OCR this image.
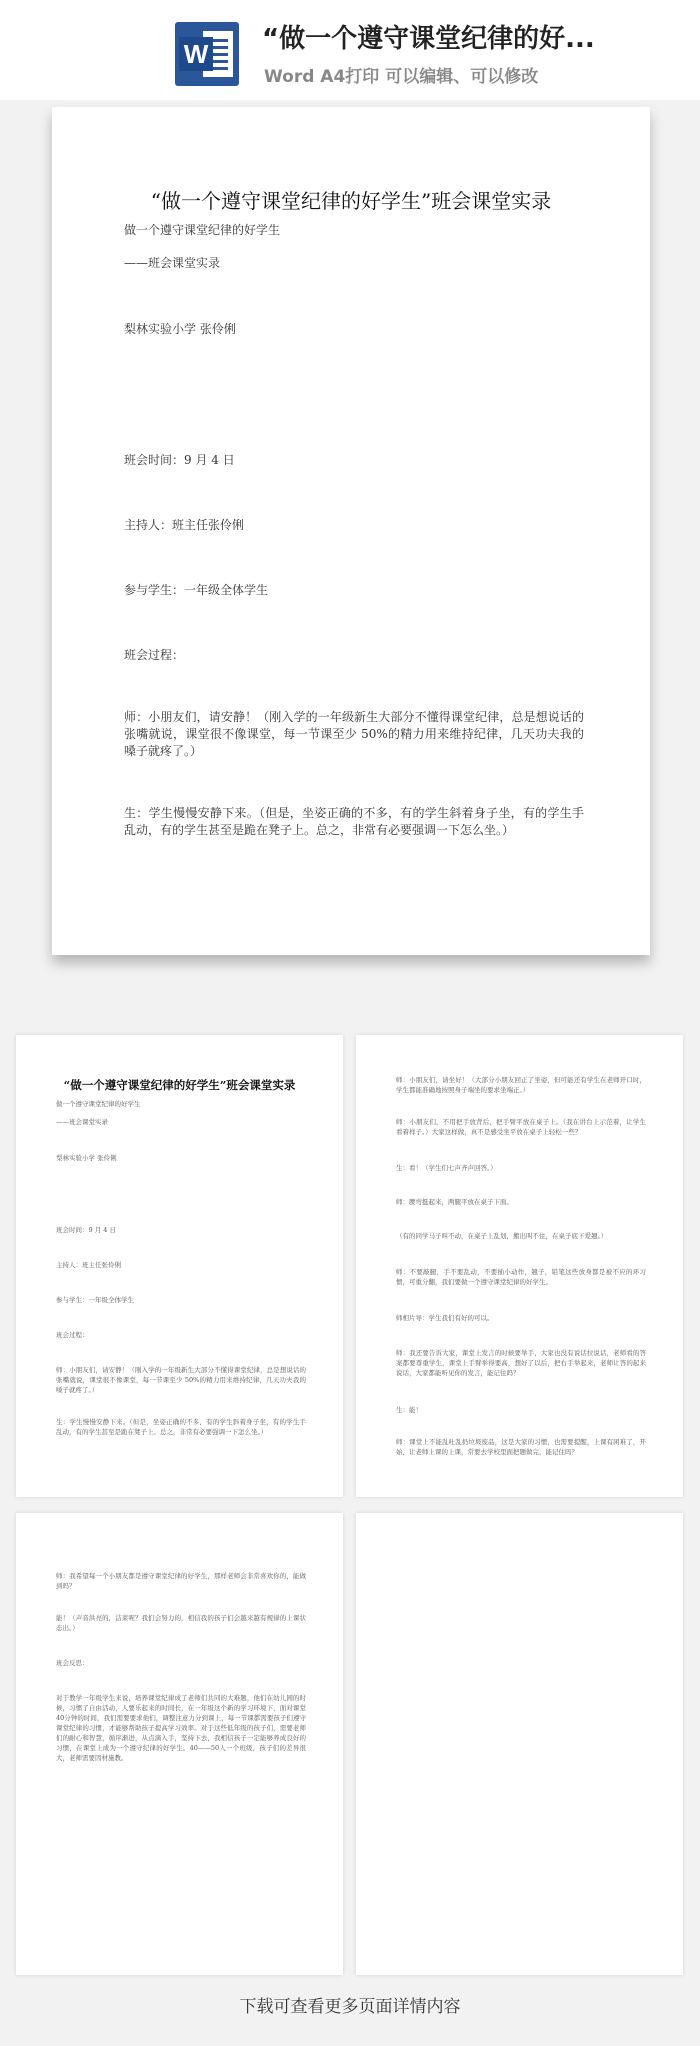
W “做一个遵守课堂纪律的好...
Word A4打印 可以编辑、可以修改
“做一个遵守课堂纪律的好学生”班会课堂实录
做一个遵守课堂纪律的好学生
——班会课堂实录
梨林实验小学 张伶俐
班会时间：9 月 4 日
主持人：班主任张伶俐
参与学生：一年级全体学生
班会过程：
师：小朋友们，请安静！（刚入学的一年级新生大部分不懂得课堂纪律，总是想说话的张嘴就说，课堂很不像课堂，每一节课至少 50%的精力用来维持纪律，几天功夫我的嗓子就疼了。）
生：学生慢慢安静下来。（但是，坐姿正确的不多，有的学生斜着身子坐，有的学生手乱动，有的学生甚至是跪在凳子上。总之，非常有必要强调一下怎么坐。）
“做一个遵守课堂纪律的好学生”班会课堂实录
做一个遵守课堂纪律的好学生
——班会课堂实录
梨林实验小学 张伶俐
班会时间：9 月 4 日
主持人：班主任张伶俐
参与学生：一年级全体学生
班会过程：
师：小朋友们，请安静！（刚入学的一年级新生大部分不懂得课堂纪律，总是想说话的张嘴就说，课堂很不像课堂，每一节课至少 50%的精力用来维持纪律，几天功夫我的嗓子就疼了。）
生：学生慢慢安静下来。（但是，坐姿正确的不多，有的学生斜着身子坐，有的学生手乱动，有的学生甚至是跪在凳子上。总之，非常有必要强调一下怎么坐。）
师：小朋友们，请坐好！（大部分小朋友回正了坐姿，但可能还有学生在老师开口时，学生都能准确地按照身子端坐的要求坐端正。）
师：小朋友们，不用把手放背后，把手臂平放在桌子上。（我在讲台上示范着，让学生看着样子。）大家这样做，真不是感受坐平放在桌子上轻松一些？
生：看！（学生们七声齐声回答。）
师：腰弯挺起来，两腿平放在桌子下面。
（有的同学马子叫不动，在桌子上乱划，搬出叫不住，在桌子底下爱翘。）
师：不要敲腿，手不要乱动，不要插小动作，翘子，铅笔这些放身都是被不应的环习惯，可重分翻，我们要做一个遵守课堂纪律的好学生。
师相片导：学生我们有好的可以。
师：我还要告诉大家，课堂上发言的时候要举手，大家也没有说话拉说话，老师看的答案都要尊重学生，课堂上手臂举得要高，想好了以后，把右手举起来，老师让答的起来说话，大家都能听见你的发言，能记住吗？
生：能！
师：课堂上不能乱吐乱扔垃圾废品，这是大家的习惯，也需要提醒，上课有困难了，开始，让老师上课的上课，常要去学校里面把题做完，能记住吗？
师：我希望每一个小朋友都是遵守课堂纪律的好学生，那样老师会非常喜欢你的，能做到吗？
能！（声音洪亮的，洁莱呢？我们会努力的，相信我的孩子们会越来越有规律的上课状态出。）
班会反思：
对于教学一年级学生来说，培养课堂纪律成了老师们共同的大难题，他们在幼儿园的时候，习惯了自由活动，人要乐起来的时间长，在一年级这个新的学习环境下，面对课堂40分钟的时间，我们需要要求他们，调整注意力分到课上，每一节课都需要孩子们遵守课堂纪律的习惯，才能够帮助孩子提高学习效率。对于这些低年级的孩子们，需要老师们的耐心和智慧，循序渐进，从点滴入手，坚持下去，我相信孩子一定能够养成良好的习惯，在课堂上成为一个遵守纪律的好学生。40——50人一个班级，孩子们的差异很大，老师需要因材施教。
下载可查看更多页面详情内容
